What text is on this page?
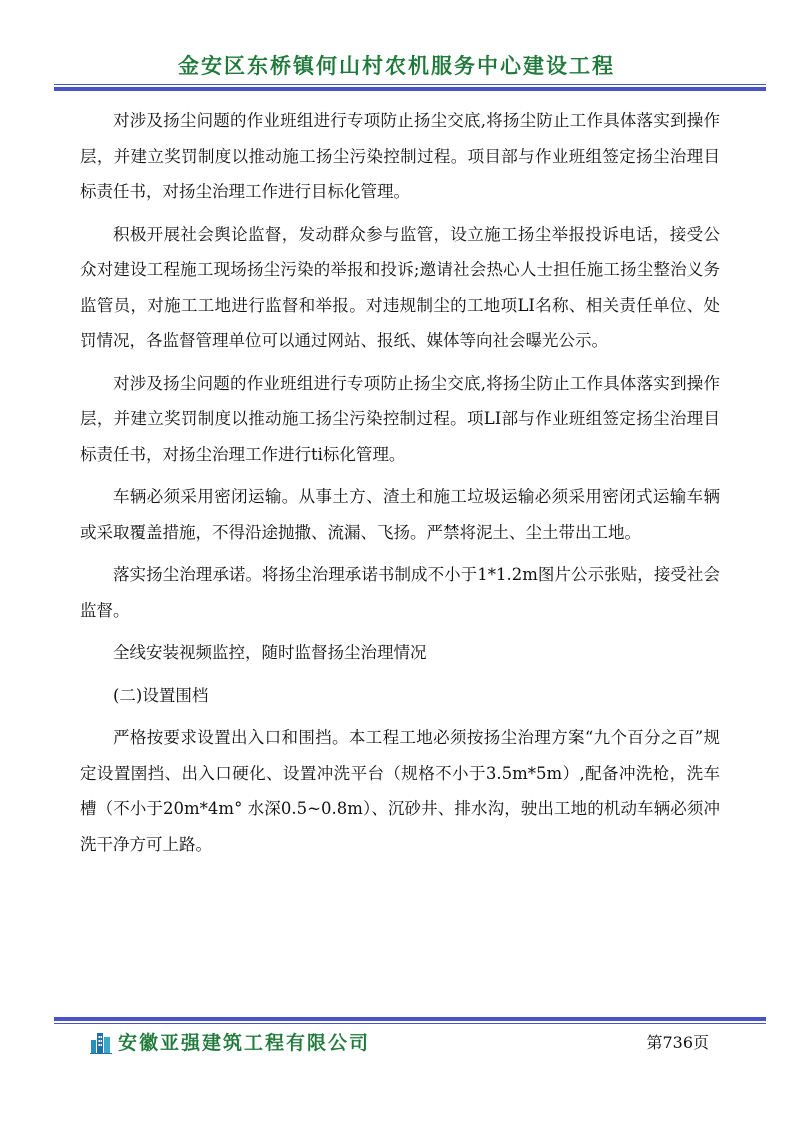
金安区东桥镇何山村农机服务中心建设工程

对涉及扬尘问题的作业班组进行专项防止扬尘交底,将扬尘防止工作具体落实到操作层，并建立奖罚制度以推动施工扬尘污染控制过程。项目部与作业班组签定扬尘治理目标责任书，对扬尘治理工作进行目标化管理。

积极开展社会舆论监督，发动群众参与监管，设立施工扬尘举报投诉电话，接受公众对建设工程施工现场扬尘污染的举报和投诉;邀请社会热心人士担任施工扬尘整治义务监管员，对施工工地进行监督和举报。对违规制尘的工地项LI名称、相关责任单位、处罚情况，各监督管理单位可以通过网站、报纸、媒体等向社会曝光公示。

对涉及扬尘问题的作业班组进行专项防止扬尘交底,将扬尘防止工作具体落实到操作层，并建立奖罚制度以推动施工扬尘污染控制过程。项LI部与作业班组签定扬尘治理目标责任书，对扬尘治理工作进行ti标化管理。

车辆必须采用密闭运输。从事土方、渣土和施工垃圾运输必须采用密闭式运输车辆或采取覆盖措施，不得沿途抛撒、流漏、飞扬。严禁将泥土、尘土带出工地。

落实扬尘治理承诺。将扬尘治理承诺书制成不小于1*1.2m图片公示张贴，接受社会监督。

全线安装视频监控，随时监督扬尘治理情况

(二)设置围档

严格按要求设置出入口和围挡。本工程工地必须按扬尘治理方案“九个百分之百”规定设置圉挡、出入口硬化、设置冲洗平台（规格不小于3.5m*5m）,配备冲洗枪，洗车槽（不小于20m*4m° 水深0.5~0.8m）、沉砂井、排水沟，驶出工地的机动车辆必须冲洗干净方可上路。

安徽亚强建筑工程有限公司	第736页
